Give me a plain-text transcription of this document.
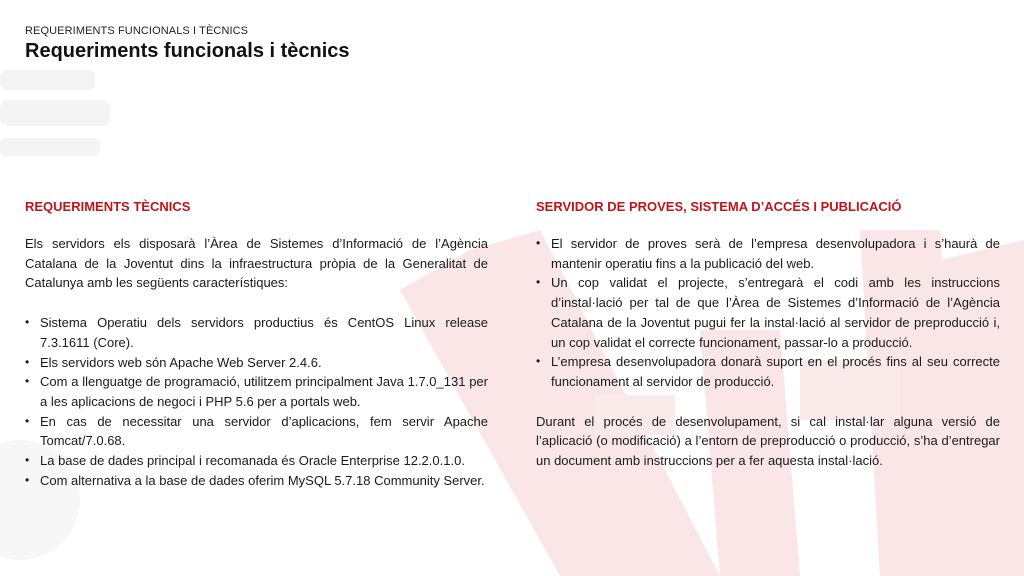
REQUERIMENTS FUNCIONALS I TÈCNICS
Requeriments funcionals i tècnics
REQUERIMENTS TÈCNICS

Els servidors els disposarà l’Àrea de Sistemes d’Informació de l’Agència Catalana de la Joventut dins la infraestructura pròpia de la Generalitat de Catalunya amb les següents característiques:

• Sistema Operatiu dels servidors productius és CentOS Linux release 7.3.1611 (Core).
• Els servidors web són Apache Web Server 2.4.6.
• Com a llenguatge de programació, utilitzem principalment Java 1.7.0_131 per a les aplicacions de negoci i PHP 5.6 per a portals web.
• En cas de necessitar una servidor d’aplicacions, fem servir Apache Tomcat/7.0.68.
• La base de dades principal i recomanada és Oracle Enterprise 12.2.0.1.0.
• Com alternativa a la base de dades oferim MySQL 5.7.18 Community Server.
SERVIDOR DE PROVES, SISTEMA D’ACCÉS I PUBLICACIÓ
• El servidor de proves serà de l’empresa desenvolupadora i s’haurà de mantenir operatiu fins a la publicació del web.
• Un cop validat el projecte, s’entregarà el codi amb les instruccions d’instal·lació per tal de que l’Àrea de Sistemes d’Informació de l’Agència Catalana de la Joventut pugui fer la instal·lació al servidor de preproducció i, un cop validat el correcte funcionament, passar-lo a producció.
• L’empresa desenvolupadora donarà suport en el procés fins al seu correcte funcionament al servidor de producció.

Durant el procés de desenvolupament, si cal instal·lar alguna versió de l’aplicació (o modificació) a l’entorn de preproducció o producció, s’ha d’entregar un document amb instruccions per a fer aquesta instal·lació.
